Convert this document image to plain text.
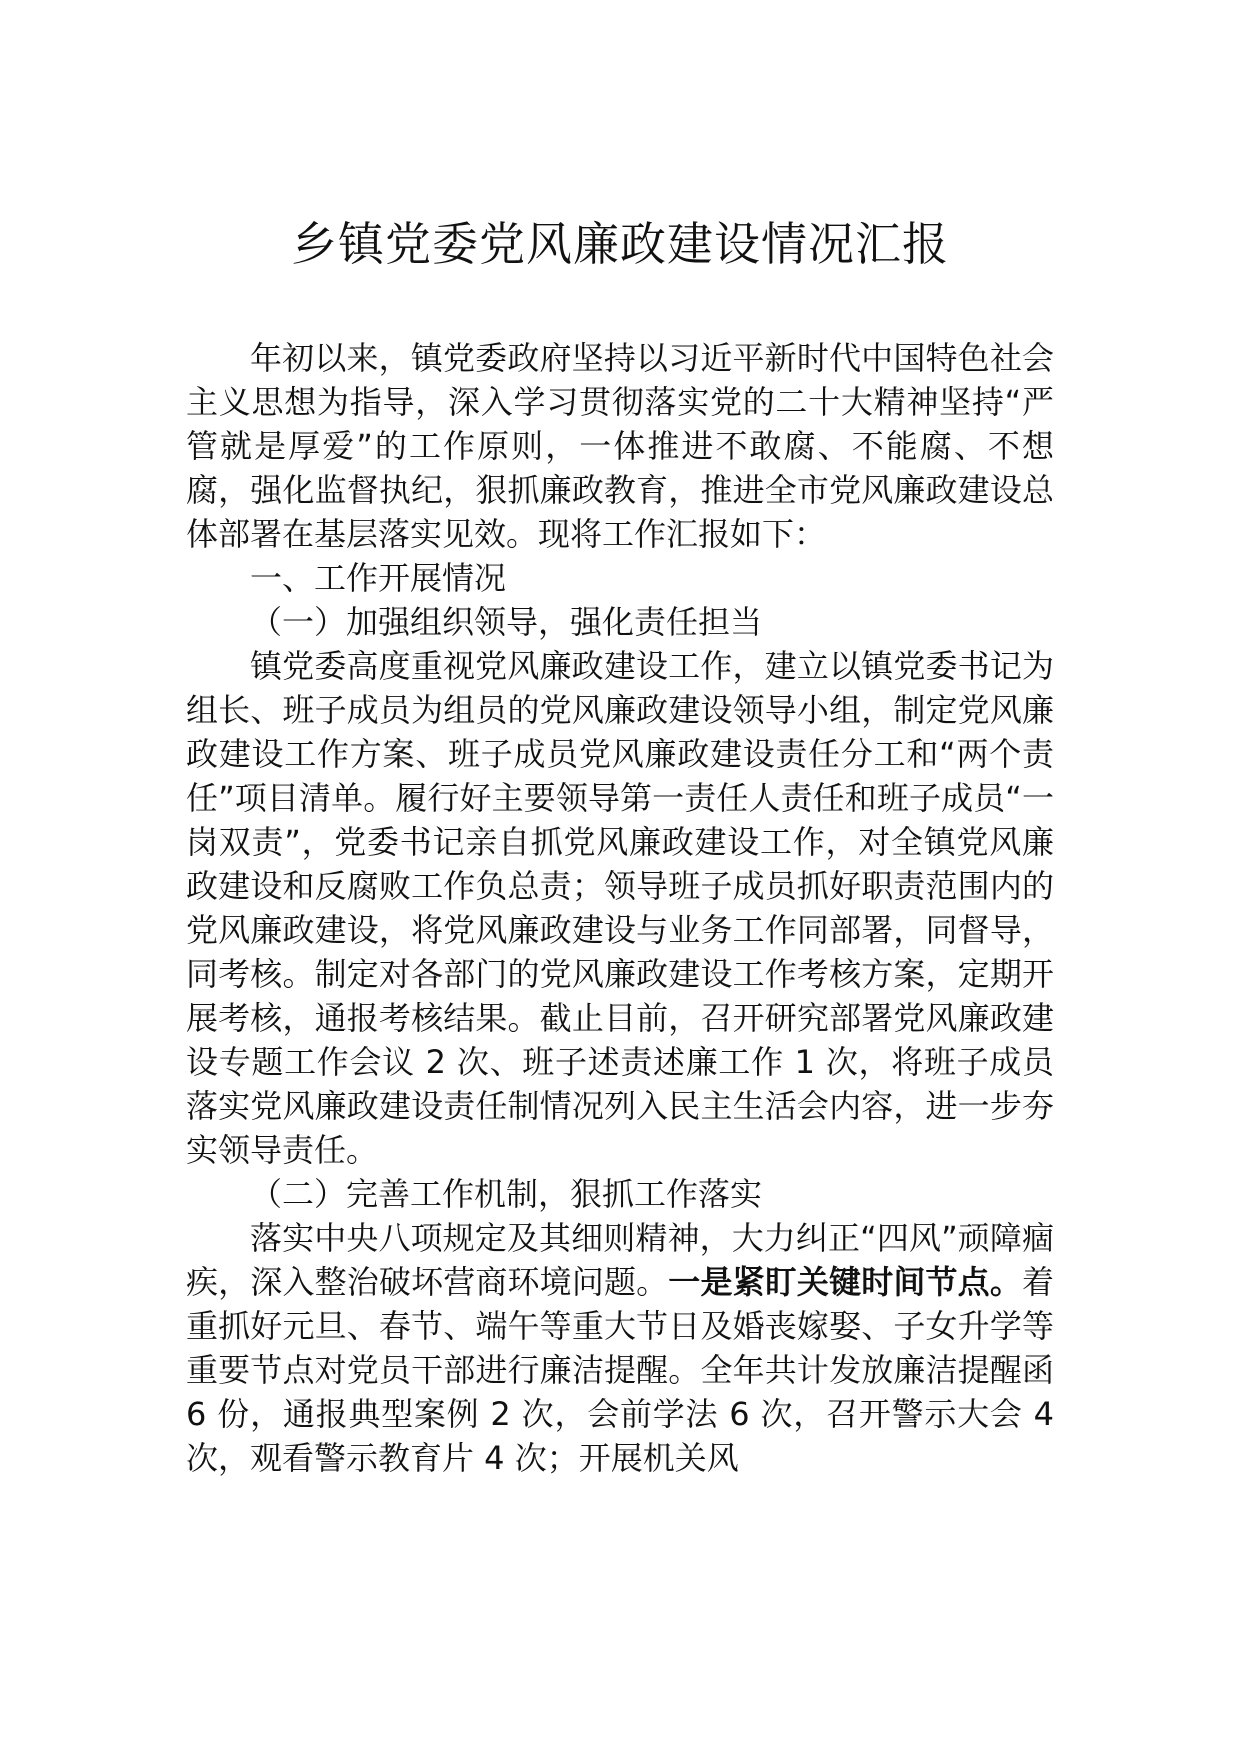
乡镇党委党风廉政建设情况汇报

年初以来，镇党委政府坚持以习近平新时代中国特色社会主义思想为指导，深入学习贯彻落实党的二十大精神坚持“严管就是厚爱”的工作原则，一体推进不敢腐、不能腐、不想腐，强化监督执纪，狠抓廉政教育，推进全市党风廉政建设总体部署在基层落实见效。现将工作汇报如下：

一、工作开展情况

（一）加强组织领导，强化责任担当

镇党委高度重视党风廉政建设工作，建立以镇党委书记为组长、班子成员为组员的党风廉政建设领导小组，制定党风廉政建设工作方案、班子成员党风廉政建设责任分工和“两个责任”项目清单。履行好主要领导第一责任人责任和班子成员“一岗双责”，党委书记亲自抓党风廉政建设工作，对全镇党风廉政建设和反腐败工作负总责；领导班子成员抓好职责范围内的党风廉政建设，将党风廉政建设与业务工作同部署，同督导，同考核。制定对各部门的党风廉政建设工作考核方案，定期开展考核，通报考核结果。截止目前，召开研究部署党风廉政建设专题工作会议 2 次、班子述责述廉工作 1 次，将班子成员落实党风廉政建设责任制情况列入民主生活会内容，进一步夯实领导责任。

（二）完善工作机制，狠抓工作落实

落实中央八项规定及其细则精神，大力纠正“四风”顽障痼疾，深入整治破坏营商环境问题。一是紧盯关键时间节点。着重抓好元旦、春节、端午等重大节日及婚丧嫁娶、子女升学等重要节点对党员干部进行廉洁提醒。全年共计发放廉洁提醒函 6 份，通报典型案例 2 次，会前学法 6 次，召开警示大会 4 次，观看警示教育片 4 次；开展机关风
